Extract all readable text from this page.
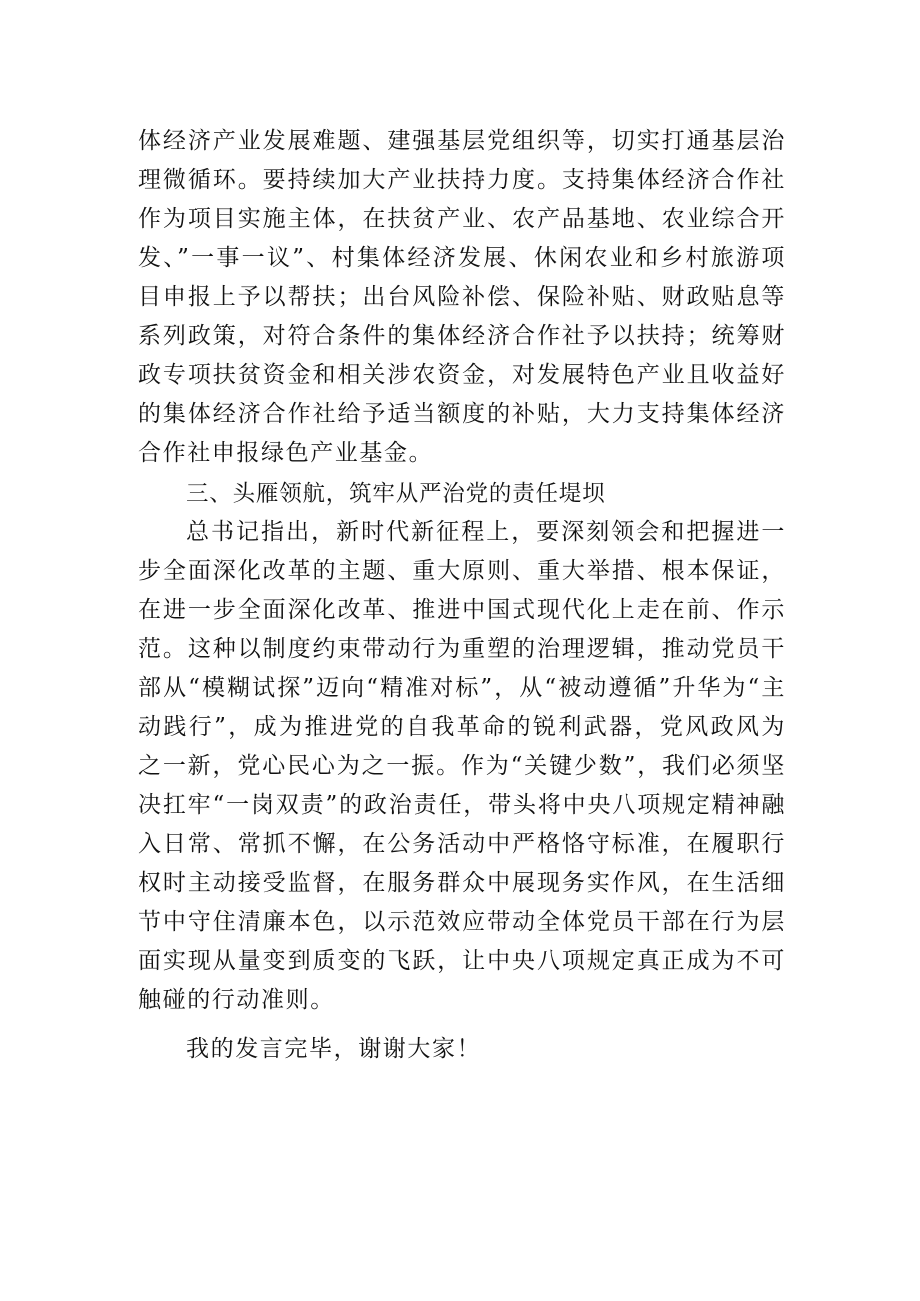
体经济产业发展难题、建强基层党组织等，切实打通基层治理微循环。要持续加大产业扶持力度。支持集体经济合作社作为项目实施主体，在扶贫产业、农产品基地、农业综合开发、”一事一议”、村集体经济发展、休闲农业和乡村旅游项目申报上予以帮扶；出台风险补偿、保险补贴、财政贴息等系列政策，对符合条件的集体经济合作社予以扶持；统筹财政专项扶贫资金和相关涉农资金，对发展特色产业且收益好的集体经济合作社给予适当额度的补贴，大力支持集体经济合作社申报绿色产业基金。

三、头雁领航，筑牢从严治党的责任堤坝

总书记指出，新时代新征程上，要深刻领会和把握进一步全面深化改革的主题、重大原则、重大举措、根本保证，在进一步全面深化改革、推进中国式现代化上走在前、作示范。这种以制度约束带动行为重塑的治理逻辑，推动党员干部从“模糊试探”迈向“精准对标”，从“被动遵循”升华为“主动践行”，成为推进党的自我革命的锐利武器，党风政风为之一新，党心民心为之一振。作为“关键少数”，我们必须坚决扛牢“一岗双责”的政治责任，带头将中央八项规定精神融入日常、常抓不懈，在公务活动中严格恪守标准，在履职行权时主动接受监督，在服务群众中展现务实作风，在生活细节中守住清廉本色，以示范效应带动全体党员干部在行为层面实现从量变到质变的飞跃，让中央八项规定真正成为不可触碰的行动准则。

我的发言完毕，谢谢大家！
